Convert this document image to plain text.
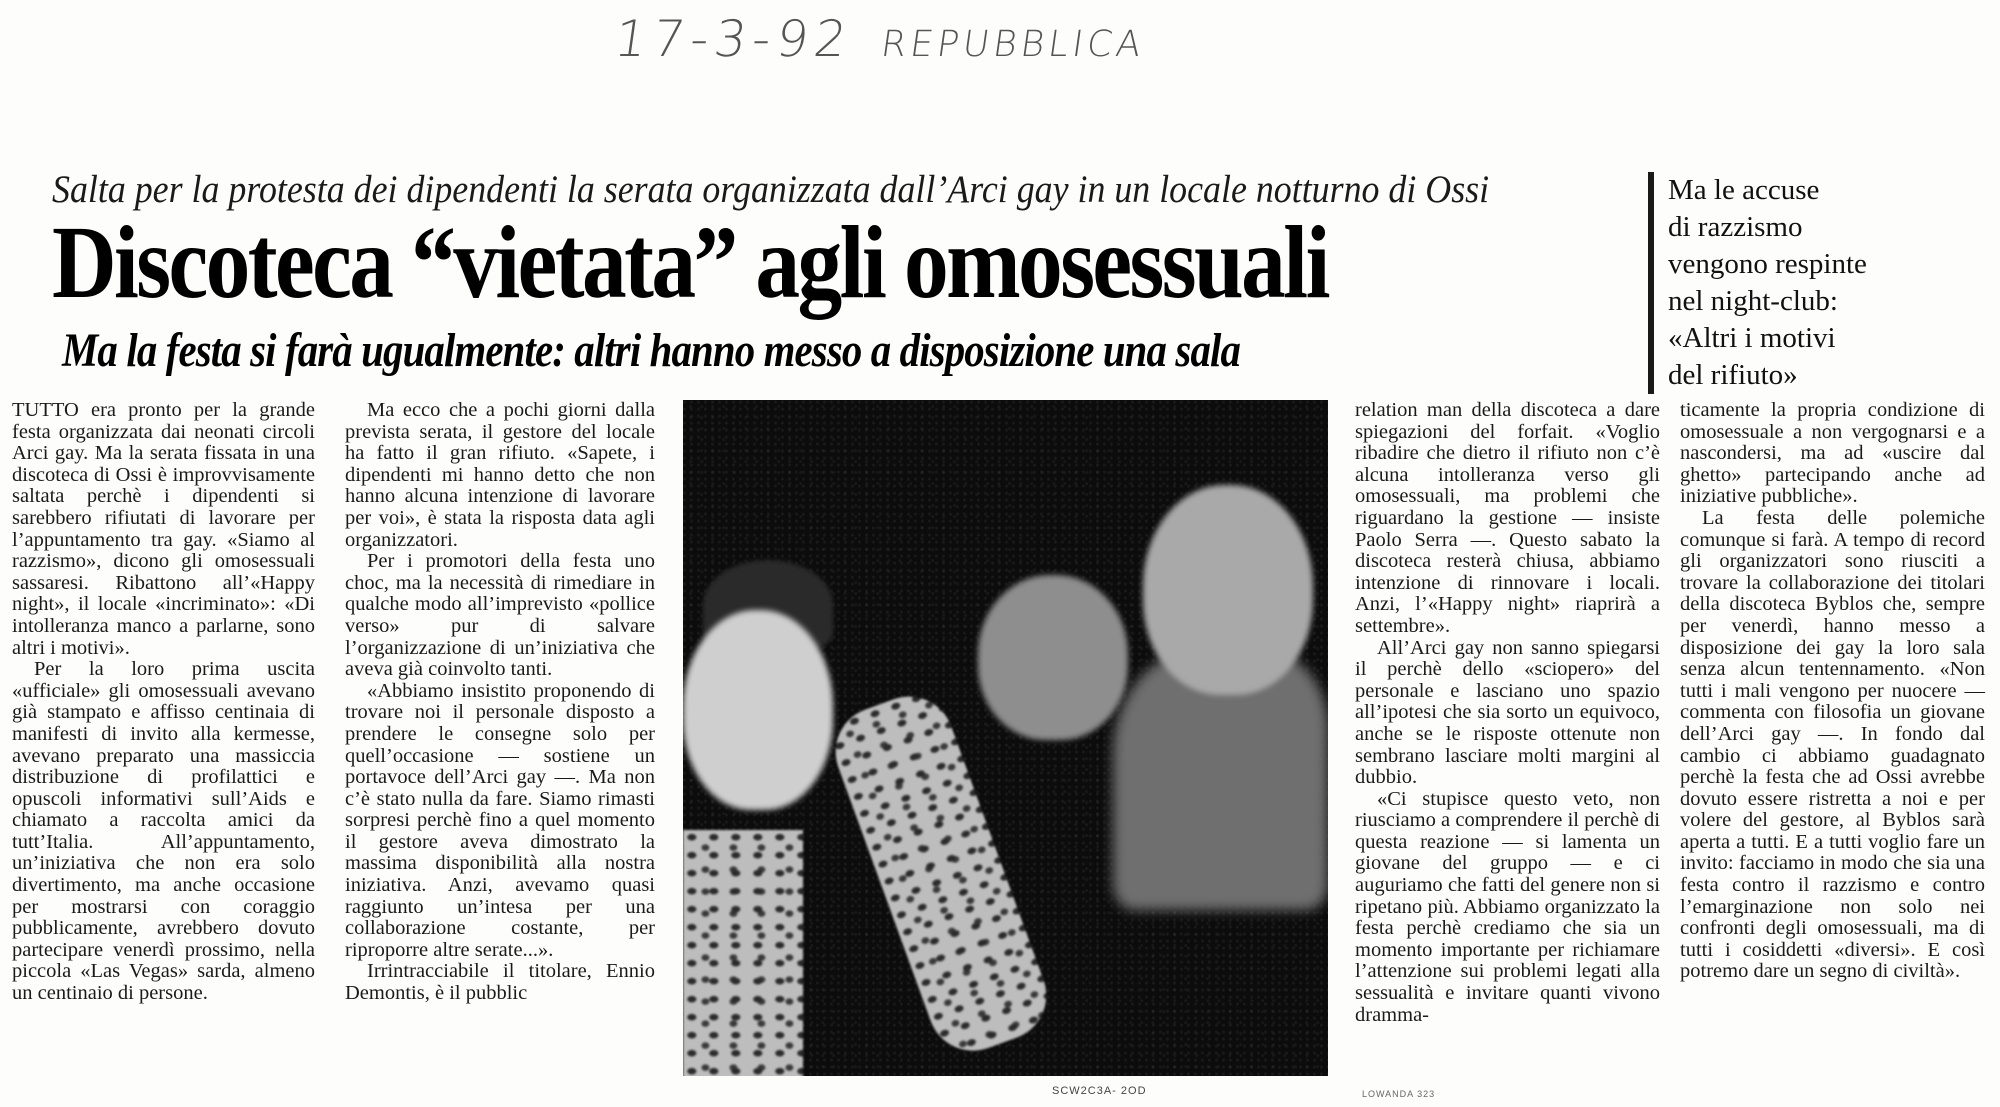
17-3-92 REPUBBLICA
Salta per la protesta dei dipendenti la serata organizzata dall’Arci gay in un locale notturno di Ossi
Discoteca “vietata” agli omosessuali
Ma la festa si farà ugualmente: altri hanno messo a disposizione una sala
Ma le accuse
di razzismo
vengono respinte
nel night-club:
«Altri i motivi
del rifiuto»

TUTTO era pronto per la grande festa organizzata dai neonati circoli Arci gay. Ma la serata fissata in una discoteca di Ossi è improvvisamente saltata perchè i dipendenti si sarebbero rifiutati di lavorare per l’appuntamento tra gay. «Siamo al razzismo», dicono gli omosessuali sassaresi. Ribattono all’«Happy night», il locale «incriminato»: «Di intolleranza manco a parlarne, sono altri i motivi».

Per la loro prima uscita «ufficiale» gli omosessuali avevano già stampato e affisso centinaia di manifesti di invito alla kermesse, avevano preparato una massiccia distribuzione di profilattici e opuscoli informativi sull’Aids e chiamato a raccolta amici da tutt’Italia. All’appuntamento, un’iniziativa che non era solo divertimento, ma anche occasione per mostrarsi con coraggio pubblicamente, avrebbero dovuto partecipare venerdì prossimo, nella piccola «Las Vegas» sarda, almeno un centinaio di persone.

Ma ecco che a pochi giorni dalla prevista serata, il gestore del locale ha fatto il gran rifiuto. «Sapete, i dipendenti mi hanno detto che non hanno alcuna intenzione di lavorare per voi», è stata la risposta data agli organizzatori.

Per i promotori della festa uno choc, ma la necessità di rimediare in qualche modo all’imprevisto «pollice verso» pur di salvare l’organizzazione di un’iniziativa che aveva già coinvolto tanti.

«Abbiamo insistito proponendo di trovare noi il personale disposto a prendere le consegne solo per quell’occasione — sostiene un portavoce dell’Arci gay —. Ma non c’è stato nulla da fare. Siamo rimasti sorpresi perchè fino a quel momento il gestore aveva dimostrato la massima disponibilità alla nostra iniziativa. Anzi, avevamo quasi raggiunto un’intesa per una collaborazione costante, per riproporre altre serate...».

Irrintracciabile il titolare, Ennio Demontis, è il pubblic

SCW2C3A- 2OD

relation man della discoteca a dare spiegazioni del forfait. «Voglio ribadire che dietro il rifiuto non c’è alcuna intolleranza verso gli omosessuali, ma problemi che riguardano la gestione — insiste Paolo Serra —. Questo sabato la discoteca resterà chiusa, abbiamo intenzione di rinnovare i locali. Anzi, l’«Happy night» riaprirà a settembre».

All’Arci gay non sanno spiegarsi il perchè dello «sciopero» del personale e lasciano uno spazio all’ipotesi che sia sorto un equivoco, anche se le risposte ottenute non sembrano lasciare molti margini al dubbio.

«Ci stupisce questo veto, non riusciamo a comprendere il perchè di questa reazione — si lamenta un giovane del gruppo — e ci auguriamo che fatti del genere non si ripetano più. Abbiamo organizzato la festa perchè crediamo che sia un momento importante per richiamare l’attenzione sui problemi legati alla sessualità e invitare quanti vivono dramma-

LOWANDA 323

ticamente la propria condizione di omosessuale a non vergognarsi e a nascondersi, ma ad «uscire dal ghetto» partecipando anche ad iniziative pubbliche».

La festa delle polemiche comunque si farà. A tempo di record gli organizzatori sono riusciti a trovare la collaborazione dei titolari della discoteca Byblos che, sempre per venerdì, hanno messo a disposizione dei gay la loro sala senza alcun tentennamento. «Non tutti i mali vengono per nuocere — commenta con filosofia un giovane dell’Arci gay —. In fondo dal cambio ci abbiamo guadagnato perchè la festa che ad Ossi avrebbe dovuto essere ristretta a noi e per volere del gestore, al Byblos sarà aperta a tutti. E a tutti voglio fare un invito: facciamo in modo che sia una festa contro il razzismo e contro l’emarginazione non solo nei confronti degli omosessuali, ma di tutti i cosiddetti «diversi». E così potremo dare un segno di civiltà».
